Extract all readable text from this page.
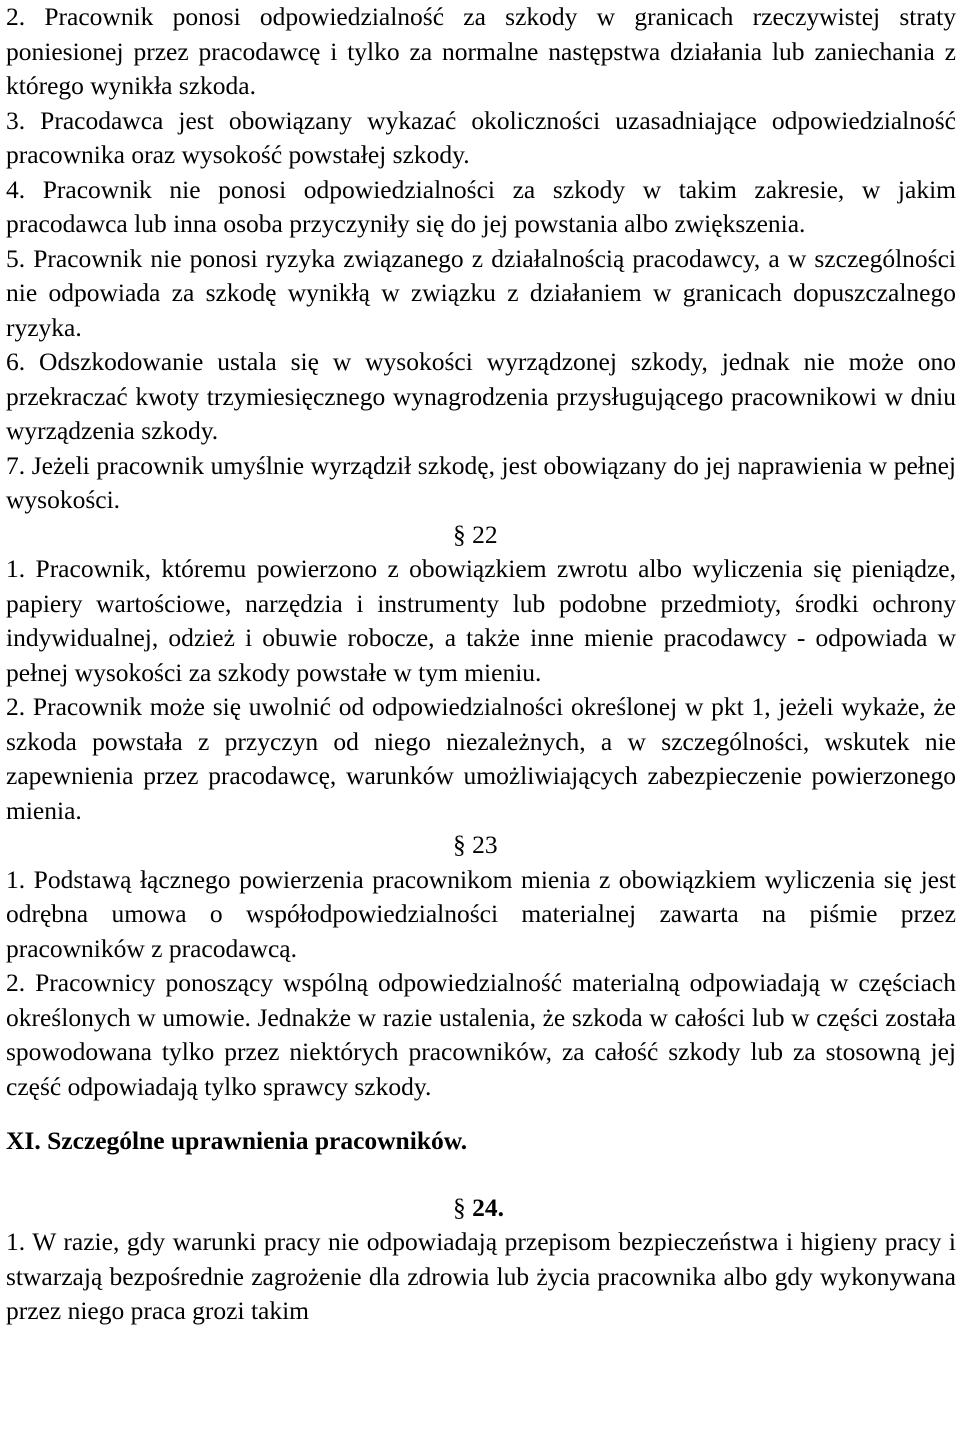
2. Pracownik ponosi odpowiedzialność za szkody w granicach rzeczywistej straty poniesionej przez pracodawcę i tylko za normalne następstwa działania lub zaniechania z którego wynikła szkoda.

3. Pracodawca jest obowiązany wykazać okoliczności uzasadniające odpowiedzialność pracownika oraz wysokość powstałej szkody.

4. Pracownik nie ponosi odpowiedzialności za szkody w takim zakresie, w jakim pracodawca lub inna osoba przyczyniły się do jej powstania albo zwiększenia.

5. Pracownik nie ponosi ryzyka związanego z działalnością pracodawcy, a w szczególności nie odpowiada za szkodę wynikłą w związku z działaniem w granicach dopuszczalnego ryzyka.

6. Odszkodowanie ustala się w wysokości wyrządzonej szkody, jednak nie może ono przekraczać kwoty trzymiesięcznego wynagrodzenia przysługującego pracownikowi w dniu wyrządzenia szkody.

7. Jeżeli pracownik umyślnie wyrządził szkodę, jest obowiązany do jej naprawienia w pełnej wysokości.

§ 22

1. Pracownik, któremu powierzono z obowiązkiem zwrotu albo wyliczenia się pieniądze, papiery wartościowe, narzędzia i instrumenty lub podobne przedmioty, środki ochrony indywidualnej, odzież i obuwie robocze, a także inne mienie pracodawcy - odpowiada w pełnej wysokości za szkody powstałe w tym mieniu.

2. Pracownik może się uwolnić od odpowiedzialności określonej w pkt 1, jeżeli wykaże, że szkoda powstała z przyczyn od niego niezależnych, a w szczególności, wskutek nie zapewnienia przez pracodawcę, warunków umożliwiających zabezpieczenie powierzonego mienia.

§ 23

1. Podstawą łącznego powierzenia pracownikom mienia z obowiązkiem wyliczenia się jest odrębna umowa o współodpowiedzialności materialnej zawarta na piśmie przez pracowników z pracodawcą.

2. Pracownicy ponoszący wspólną odpowiedzialność materialną odpowiadają w częściach określonych w umowie. Jednakże w razie ustalenia, że szkoda w całości lub w części została spowodowana tylko przez niektórych pracowników, za całość szkody lub za stosowną jej część odpowiadają tylko sprawcy szkody.

XI. Szczególne uprawnienia pracowników.

§ 24.

1. W razie, gdy warunki pracy nie odpowiadają przepisom bezpieczeństwa i higieny pracy i stwarzają bezpośrednie zagrożenie dla zdrowia lub życia pracownika albo gdy wykonywana przez niego praca grozi takim
